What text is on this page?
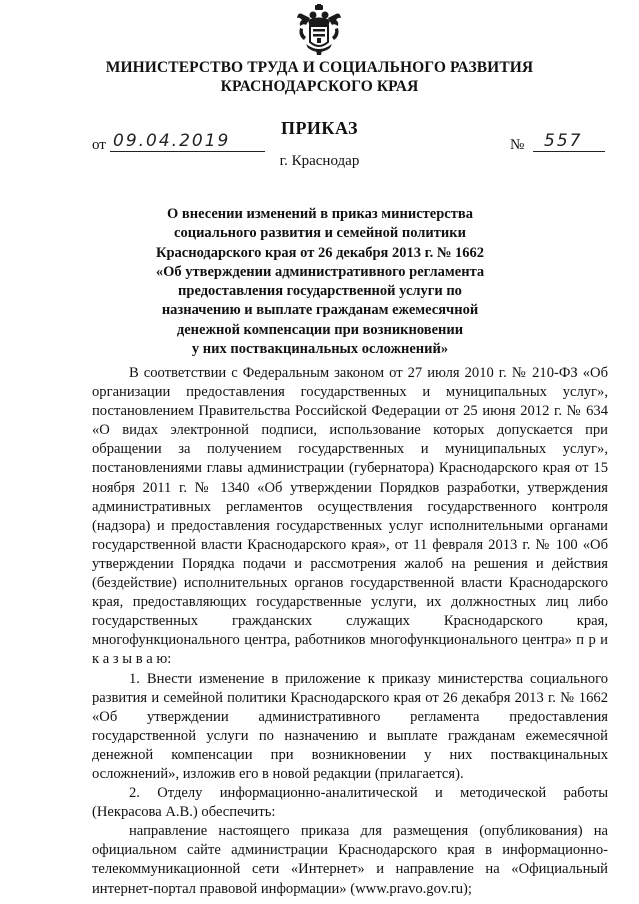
МИНИСТЕРСТВО ТРУДА И СОЦИАЛЬНОГО РАЗВИТИЯ
КРАСНОДАРСКОГО КРАЯ
ПРИКАЗ
от 09.04.2019	№ 557
г. Краснодар
О внесении изменений в приказ министерства
социального развития и семейной политики
Краснодарского края от 26 декабря 2013 г. № 1662
«Об утверждении административного регламента
предоставления государственной услуги по
назначению и выплате гражданам ежемесячной
денежной компенсации при возникновении
у них поствакцинальных осложнений»

В соответствии с Федеральным законом от 27 июля 2010 г. № 210-ФЗ «Об организации предоставления государственных и муниципальных услуг», постановлением Правительства Российской Федерации от 25 июня 2012 г. № 634 «О видах электронной подписи, использование которых допускается при обращении за получением государственных и муниципальных услуг», постановлениями главы администрации (губернатора) Краснодарского края от 15 ноября 2011 г. № 1340 «Об утверждении Порядков разработки, утверждения административных регламентов осуществления государственного контроля (надзора) и предоставления государственных услуг исполнительными органами государственной власти Краснодарского края», от 11 февраля 2013 г. № 100 «Об утверждении Порядка подачи и рассмотрения жалоб на решения и действия (бездействие) исполнительных органов государственной власти Краснодарского края, предоставляющих государственные услуги, их должностных лиц либо государственных гражданских служащих Краснодарского края, многофункционального центра, работников многофункционального центра» п р и к а з ы в а ю:

1. Внести изменение в приложение к приказу министерства социального развития и семейной политики Краснодарского края от 26 декабря 2013 г. № 1662 «Об утверждении административного регламента предоставления государственной услуги по назначению и выплате гражданам ежемесячной денежной компенсации при возникновении у них поствакцинальных осложнений», изложив его в новой редакции (прилагается).

2. Отделу информационно-аналитической и методической работы (Некрасова А.В.) обеспечить:

направление настоящего приказа для размещения (опубликования) на официальном сайте администрации Краснодарского края в информационно-телекоммуникационной сети «Интернет» и направление на «Официальный интернет-портал правовой информации» (www.pravo.gov.ru);
